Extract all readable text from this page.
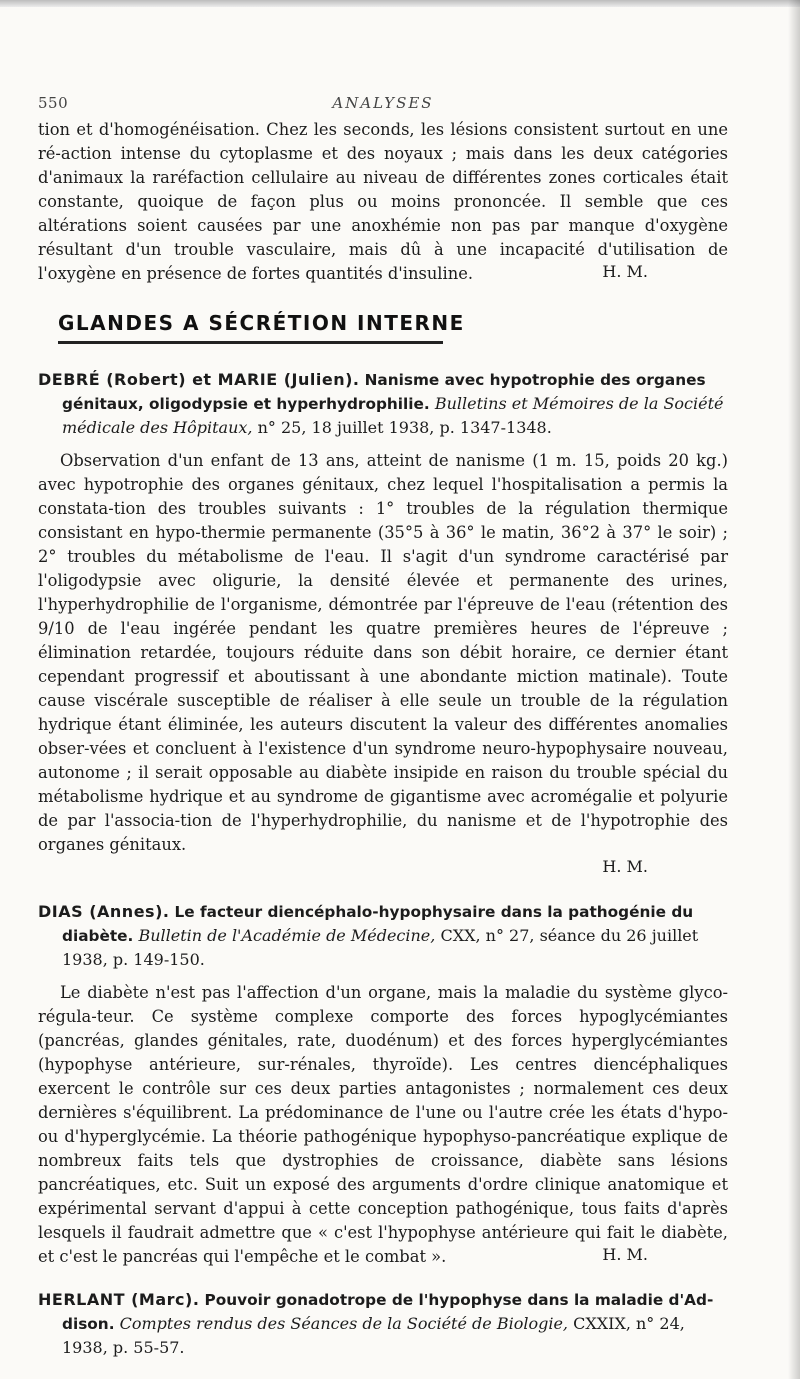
550	ANALYSES

tion et d'homogénéisation. Chez les seconds, les lésions consistent surtout en une ré-action intense du cytoplasme et des noyaux ; mais dans les deux catégories d'animaux la raréfaction cellulaire au niveau de différentes zones corticales était constante, quoique de façon plus ou moins prononcée. Il semble que ces altérations soient causées par une anoxhémie non pas par manque d'oxygène résultant d'un trouble vasculaire, mais dû à une incapacité d'utilisation de l'oxygène en présence de fortes quantités d'insuline.	H. M.
GLANDES A SÉCRÉTION INTERNE

DEBRÉ (Robert) et MARIE (Julien). Nanisme avec hypotrophie des organes génitaux, oligodypsie et hyperhydrophilie. Bulletins et Mémoires de la Société médicale des Hôpitaux, n° 25, 18 juillet 1938, p. 1347-1348.

Observation d'un enfant de 13 ans, atteint de nanisme (1 m. 15, poids 20 kg.) avec hypotrophie des organes génitaux, chez lequel l'hospitalisation a permis la constata-tion des troubles suivants : 1° troubles de la régulation thermique consistant en hypo-thermie permanente (35°5 à 36° le matin, 36°2 à 37° le soir) ; 2° troubles du métabolisme de l'eau. Il s'agit d'un syndrome caractérisé par l'oligodypsie avec oligurie, la densité élevée et permanente des urines, l'hyperhydrophilie de l'organisme, démontrée par l'épreuve de l'eau (rétention des 9/10 de l'eau ingérée pendant les quatre premières heures de l'épreuve ; élimination retardée, toujours réduite dans son débit horaire, ce dernier étant cependant progressif et aboutissant à une abondante miction matinale). Toute cause viscérale susceptible de réaliser à elle seule un trouble de la régulation hydrique étant éliminée, les auteurs discutent la valeur des différentes anomalies obser-vées et concluent à l'existence d'un syndrome neuro-hypophysaire nouveau, autonome ; il serait opposable au diabète insipide en raison du trouble spécial du métabolisme hydrique et au syndrome de gigantisme avec acromégalie et polyurie de par l'associa-tion de l'hyperhydrophilie, du nanisme et de l'hypotrophie des organes génitaux.

H. M.

DIAS (Annes). Le facteur diencéphalo-hypophysaire dans la pathogénie du diabète. Bulletin de l'Académie de Médecine, CXX, n° 27, séance du 26 juillet 1938, p. 149-150.

Le diabète n'est pas l'affection d'un organe, mais la maladie du système glyco-régula-teur. Ce système complexe comporte des forces hypoglycémiantes (pancréas, glandes génitales, rate, duodénum) et des forces hyperglycémiantes (hypophyse antérieure, sur-rénales, thyroïde). Les centres diencéphaliques exercent le contrôle sur ces deux parties antagonistes ; normalement ces deux dernières s'équilibrent. La prédominance de l'une ou l'autre crée les états d'hypo- ou d'hyperglycémie. La théorie pathogénique hypophyso-pancréatique explique de nombreux faits tels que dystrophies de croissance, diabète sans lésions pancréatiques, etc. Suit un exposé des arguments d'ordre clinique anatomique et expérimental servant d'appui à cette conception pathogénique, tous faits d'après lesquels il faudrait admettre que « c'est l'hypophyse antérieure qui fait le diabète, et c'est le pancréas qui l'empêche et le combat ».	H. M.

HERLANT (Marc). Pouvoir gonadotrope de l'hypophyse dans la maladie d'Ad-dison. Comptes rendus des Séances de la Société de Biologie, CXXIX, n° 24, 1938, p. 55-57.
